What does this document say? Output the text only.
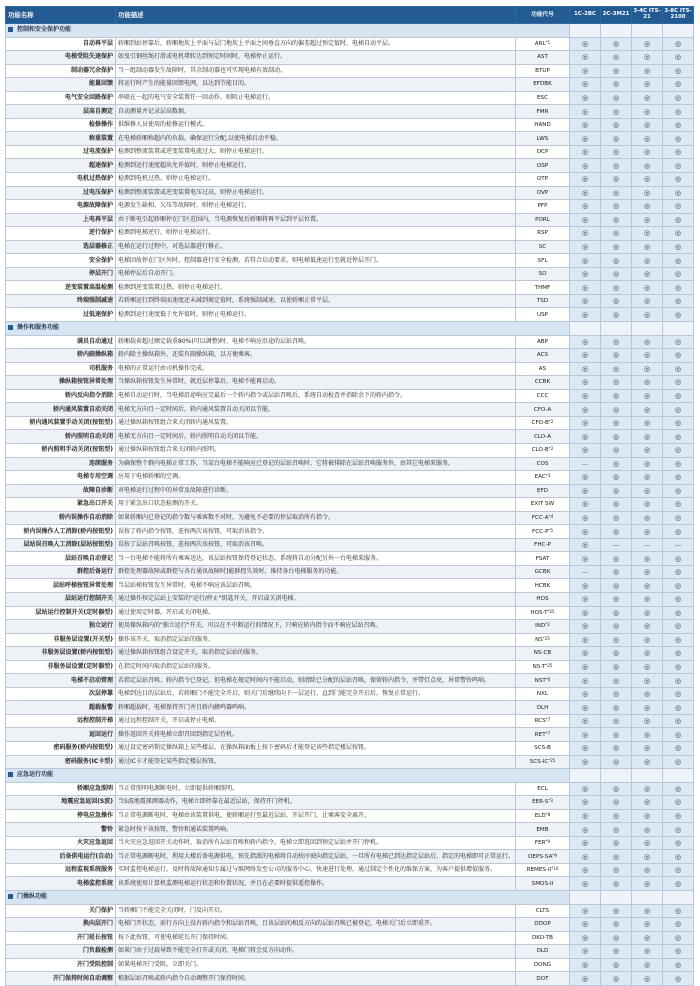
功能名称	功能描述	功能代号	1C-2BC	2C-3M21	3-4C ITS-21	3-8C ITS-2100
控制和安全保护功能						
自动再平层	轿厢到站停靠后，轿厢地坎上平面与层门地坎上平面之间垂直方向的偏差超过预定值时，电梯自动平层。	ARL$^{*1}$	◎	◎	◎	◎
电梯受阻失速保护	如曳引钢丝绳打滑或电机堵转达到预定时间时，电梯停止运行。	AST	◎	◎	◎	◎
制动器冗余保护	当一组制动器发生故障时，其余制动器也可实现电梯有效制动。	BTUP	◎	◎	◎	◎
能量回馈	将运行时产生的能量回馈电网，以达到节能目的。	EFDBK	◎	◎	◎	◎
电气安全回路保护	串联在一起的电气安全装置任一回动作，则阻止电梯运行。	ESC	◎	◎	◎	◎
层高自测定	自动测量并记录层高数据。	FMR	◎	◎	◎	◎
检修操作	供维修人员使用的检修运行模式。	HAND	◎	◎	◎	◎
称重装置	在电梯轿厢称超内的负载，确保运行分配,以使电梯启动平稳。	LWS	◎	◎	◎	◎
过电流保护	检测到整流装置或逆变装置电流过大，则停止电梯运行。	OCP	◎	◎	◎	◎
超速保护	检测到运行速度超出允许值时，则停止电梯运行。	OSP	◎	◎	◎	◎
电机过热保护	检测到电机过热，则停止电梯运行。	OTP	◎	◎	◎	◎
过电压保护	检测到整流装置或逆变装置电压过高，则停止电梯运行。	OVP	◎	◎	◎	◎
电源故障保护	电源发生缺相、欠压等故障时，则停止电梯运行。	PFP	◎	◎	◎	◎
上电再平层	由于断电引起轿厢停在门区范围内，当电源恢复后轿厢将再平层到平层位置。	PORL	◎	◎	◎	◎
逆行保护	检测到电梯逆行，则停止电梯运行。	RSP	◎	◎	◎	◎
选层器修正	电梯在运行过程中，对选层器进行修正。	SC	◎	◎	◎	◎
安全保护	电梯因故停在门区外时，控制器进行安全检测，若符合启动要求，则电梯低速运行至就近停层开门。	SFL	◎	◎	◎	◎
停层开门	电梯停层后自动开门。	SO	◎	◎	◎	◎
逆变装置高温检测	检测到逆变装置过热，则停止电梯运行。	THMF	◎	◎	◎	◎
终端强制减速	若轿厢运行到终端而速度还未减到规定值时，系统强制减速，以使轿厢正常平层。	TSD	◎	◎	◎	◎
过低速保护	检测到运行速度低于允许值时，则停止电梯运行。	USP	◎	◎	◎	◎
操作和服务功能						
满员自动通过	轿厢载荷超过额定载重80%(可以调整)时，电梯不响应沿途的层站召唤。	ABP	◎	◎	◎	◎
轿内副操纵箱	轿内除主操纵箱外，还装有副操纵箱，以方便乘客。	ACS	◎	◎	◎	◎
司机服务	电梯的正常运行由司机操作完成。	AS	◎	◎	◎	◎
操纵箱按钮异常处理	当操纵箱按钮发生异常时，就近层停靠后，电梯不能再启动。	CCBK	◎	◎	◎	◎
轿内反向指令消除	电梯自动运行时，当电梯沿途响应完最后一个轿内指令或层站召唤后，系统自动检查并消除余下的轿内指令。	CCC	◎	◎	◎	◎
轿内通风装置自动关闭	电梯无方向且一定时间后，轿内通风装置自动关闭以节能。	CFO-A	◎	◎	◎	◎
轿内通风装置手动关闭(按钮型)	通过操纵箱按钮组合来关闭轿内通风装置。	CFO-$B^{*2}$	◎	◎	◎	◎
轿内照明自动关闭	电梯无方向且一定时间后，轿内照明自动关闭以节能。	CLO-A	◎	◎	◎	◎
轿内照明手动关闭(按钮型)	通过操纵箱按钮组合来关闭轿内照明。	CLO-$B^{*2}$	◎	◎	◎	◎
连续服务	为确保整个群内电梯正常工作，当某台电梯不能响应已登记的层站召唤时，它将被排除在层站召唤服务外，由其它电梯来服务。	COS	—	◎	◎	◎
电梯专用空调	应用于电梯轿厢的空调。	EAC$^{*3}$	◎	◎	◎	◎
故障自诊断	对电梯运行过程中的异常及故障进行诊断。	EFD	◎	◎	◎	◎
紧急出口开关	用于紧急出口状态检测的开关。	EXIT SW	◎	◎	◎	◎
轿内误操作自动消除	如果轿厢内已登记的指令数与乘客数不对时，为避免不必要的停层取消所有指令。	FCC-$A^{*4}$	◎	◎	◎	◎
轿内误操作人工消除(轿内按钮型)	误按了轿内指令按钮，连按两次该按钮，可取消该指令。	FCC-$P^{*5}$	◎	◎	◎	◎
层站误召唤人工消除(层站按钮型)	误按了层站召唤按钮，连按两次该按钮，可取消该召唤。	FHC-P	◎	—	—	—
层站召唤自动登记	当一台电梯不能将所有乘客送达，该层站按钮保持登记状态，系统将自动分配另外一台电梯来服务。	FSAT	◎	◎	◎	◎
群控后备运行	群控处理器故障或群控与各台通讯故障时]能群控失效时，维持各台电梯服务的功能。	GCBK	—	◎	◎	◎
层站呼梯按钮异常处理	当层站梯按钮发生异常时，电梯不响应该层站召唤。	HCBK	◎	◎	◎	◎
层站运行控制开关	通过操作按定层站上安装的"运行/停止"钥匙开关，开启或关闭电梯。	HOS	◎	◎	◎	◎
层站运行控制开关(定时器型)	通过使用定时器，开启或关闭电梯。	HOS-$T^{*25}$	◎	◎	◎	◎
独立运行	使用操纵箱内的"独立运行"开关，可以在不中断运行的情况下，只响应轿内指令而不响应层站召唤。	IND$^{*2}$	◎	◎	◎	◎
非服务层设置(开关型)	操作该开关，取消指定层站的服务。	NS$^{*25}$	◎	◎	◎	◎
非服务层设置(轿内按钮型)	通过操纵箱按钮组合设定开关，取消指定层站的服务。	NS-CB	◎	◎	◎	◎
非服务层设置(定时器型)	在指定时间内取消指定层站的服务。	$NS-T^{*25}$	◎	◎	◎	◎
电梯不启动管理	若指定层站召唤、轿内指令已登记，但电梯在规定时间内不能启动，则清除已分配的层站召唤，保留轿内指令，并带灯点亮，异常警铃鸣响。	NST$^{*6}$	◎	◎	◎	◎
次层停靠	电梯到达目的层站后，若轿厢门不能完全开启，则关门后继续向下一层运行，直到门能完全开启后，恢复正常运行。	NXL	◎	◎	◎	◎
超载报警	轿厢超载时，电梯保持开门并且轿内蜂鸣器鸣响。	OLH	◎	◎	◎	◎
远程控制开梯	通过远程控制开关，开启或停止电梯。	RCS$^{*7}$	◎	◎	◎	◎
返回运行	操作返回开关将电梯立即召回到指定层待机。	RET$^{*7}$	◎	◎	◎	◎
密码服务(轿内按钮型)	通过设定密码锁定操纵箱上某些楼层，在操纵箱面板上按下密码后才能登记该些指定楼层按钮。	SCS-B	◎	◎	◎	◎
密码服务(IC卡型)	通过IC卡才能登记某些指定楼层按钮。	SCS-IC$^{*25}$	◎	◎	◎	◎
应急运行功能						
轿厢应急照明	当正常照明电源断电时，立即提供轿厢照明。	ECL	◎	◎	◎	◎
地震应急返回(S波)	当S波地震探测器动作，电梯立即停靠在最近层站，保持开门停机。	EER-$S^{*3}$	◎	◎	◎	◎
停电应急操作	当正常电源断电时，电梯由该装置供电，使轿厢运行至最近层站，开层开门，让乘客安全离开。	ELD$^{*8}$	◎	◎	◎	◎
警铃	紧急时按下该按钮，警铃和通话装置鸣响。	EMB	◎	◎	◎	◎
火灾应急返回	当火灾应急返回开关动作时，取消所有层站召唤和轿内指令，电梯立即返回到预定层站并开门停机。	FER$^{*9}$	◎	◎	◎	◎
后备供电运行(自动)	当正常电源断电时，利用大楼后备电源供电，预先指派的电梯将自动按序驶向指定层站，一旦所有电梯已到达指定层站后，指定的电梯即可正常运行。	OEPS-SA$^{*9}$	◎	◎	◎	◎
远程监视系统服务	实时监控电梯运行，及时将故障通知专属过与维网络发至公司的服务中心，快速进行处理，通过制定个性化的维保方案，为客户提供增值服务。	REMES-II$^{*10}$	◎	◎	◎	◎
电梯监控系统	该系统使用计算机监测电梯运行状态和位置状况，并且在必要时提供遥控操作。	SMOS-II	◎	◎	◎	◎
门操纵功能						
关门保护	当轿厢门不能完全关闭时，门反向开启。	CLTS	◎	◎	◎	◎
换向层开门	电梯门开状态，前行方向上没有轿内指令和层站召唤，且该层站的相反方向的层站召唤已被登记，电梯关门后立即重开。	DDOP	◎	◎	◎	◎
开门延长按钮	按下此按钮，可使电梯延长开门保持时间。	DKO-TB	◎	◎	◎	◎
门负载检测	如果门由于过载导致不能完全打开或关闭，电梯门将会反方向动作。	DLD	◎	◎	◎	◎
开门受阻控制	如果电梯开门受阻，立即关门。	DONG	◎	◎	◎	◎
开门保持时间自动调整	根据层站召唤或轿内指令自动调整开门保持时间。	DOT	◎	◎	◎	◎
